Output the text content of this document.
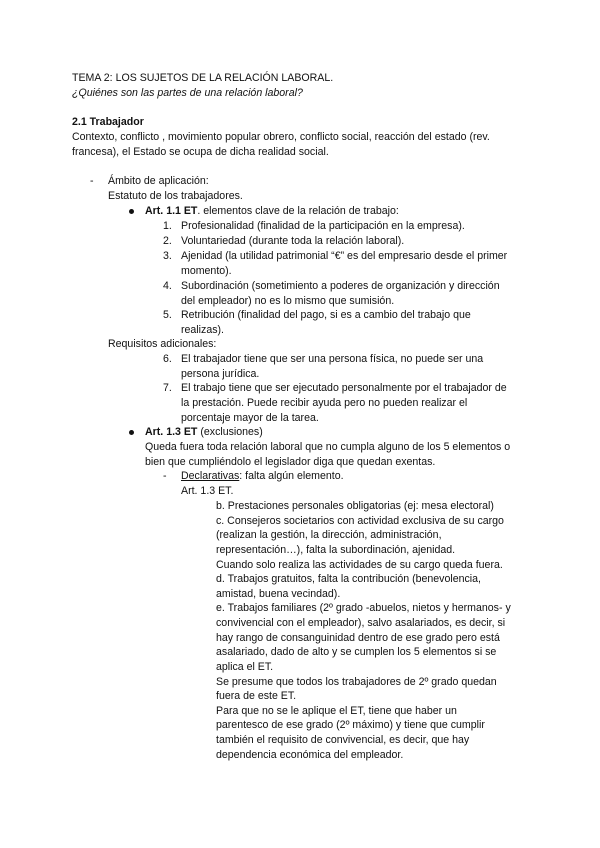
TEMA 2: LOS SUJETOS DE LA RELACIÓN LABORAL.
¿Quiénes son las partes de una relación laboral?
2.1 Trabajador
Contexto, conflicto , movimiento popular obrero, conflicto social, reacción del estado (rev.
francesa), el Estado se ocupa de dicha realidad social.
- Ámbito de aplicación:
Estatuto de los trabajadores.
Art. 1.1 ET. elementos clave de la relación de trabajo:
1. Profesionalidad (finalidad de la participación en la empresa).
2. Voluntariedad (durante toda la relación laboral).
3. Ajenidad (la utilidad patrimonial “€” es del empresario desde el primer
momento).
4. Subordinación (sometimiento a poderes de organización y dirección
del empleador) no es lo mismo que sumisión.
5. Retribución (finalidad del pago, si es a cambio del trabajo que
realizas).
Requisitos adicionales:
6. El trabajador tiene que ser una persona física, no puede ser una
persona jurídica.
7. El trabajo tiene que ser ejecutado personalmente por el trabajador de
la prestación. Puede recibir ayuda pero no pueden realizar el
porcentaje mayor de la tarea.
Art. 1.3 ET (exclusiones)
Queda fuera toda relación laboral que no cumpla alguno de los 5 elementos o
bien que cumpliéndolo el legislador diga que quedan exentas.
- Declarativas: falta algún elemento.
Art. 1.3 ET.
b. Prestaciones personales obligatorias (ej: mesa electoral)
c. Consejeros societarios con actividad exclusiva de su cargo
(realizan la gestión, la dirección, administración,
representación…), falta la subordinación, ajenidad.
Cuando solo realiza las actividades de su cargo queda fuera.
d. Trabajos gratuitos, falta la contribución (benevolencia,
amistad, buena vecindad).
e. Trabajos familiares (2º grado -abuelos, nietos y hermanos- y
convivencial con el empleador), salvo asalariados, es decir, si
hay rango de consanguinidad dentro de ese grado pero está
asalariado, dado de alto y se cumplen los 5 elementos si se
aplica el ET.
Se presume que todos los trabajadores de 2º grado quedan
fuera de este ET.
Para que no se le aplique el ET, tiene que haber un
parentesco de ese grado (2º máximo) y tiene que cumplir
también el requisito de convivencial, es decir, que hay
dependencia económica del empleador.
